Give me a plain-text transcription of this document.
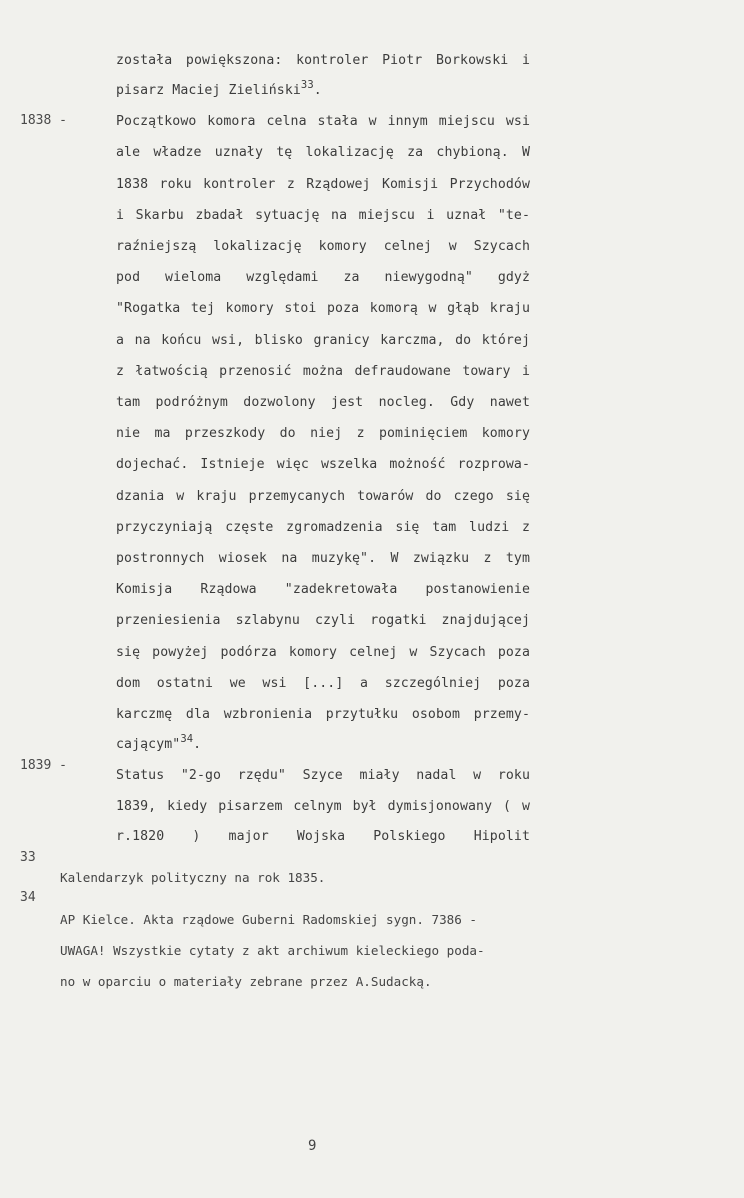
została powiększona: kontroler Piotr Borkowski i
pisarz Maciej Zieliński$^{33}$.
1838 -	Początkowo komora celna stała w innym miejscu wsi
ale władze uznały tę lokalizację za chybioną. W
1838 roku kontroler z Rządowej Komisji Przychodów
i Skarbu zbadał sytuację na miejscu i uznał "te-
raźniejszą lokalizację komory celnej w Szycach
pod wieloma względami za niewygodną" gdyż
"Rogatka tej komory stoi poza komorą w głąb kraju
a na końcu wsi, blisko granicy karczma, do której
z łatwością przenosić można defraudowane towary i
tam podróżnym dozwolony jest nocleg. Gdy nawet
nie ma przeszkody do niej z pominięciem komory
dojechać. Istnieje więc wszelka możność rozprowa-
dzania w kraju przemycanych towarów do czego się
przyczyniają częste zgromadzenia się tam ludzi z
postronnych wiosek na muzykę". W związku z tym
Komisja Rządowa "zadekretowała postanowienie
przeniesienia szlabynu czyli rogatki znajdującej
się powyżej podórza komory celnej w Szycach poza
dom ostatni we wsi [...] a szczególniej poza
karczmę dla wzbronienia przytułku osobom przemy-
cającym"$^{34}$.
1839 -
Status "2-go rzędu" Szyce miały nadal w roku
1839, kiedy pisarzem celnym był dymisjonowany ( w
r.1820 ) major Wojska Polskiego Hipolit
33
Kalendarzyk polityczny na rok 1835.
34
AP Kielce. Akta rządowe Guberni Radomskiej sygn. 7386 -
UWAGA! Wszystkie cytaty z akt archiwum kieleckiego poda-
no w oparciu o materiały zebrane przez A.Sudacką.
9
